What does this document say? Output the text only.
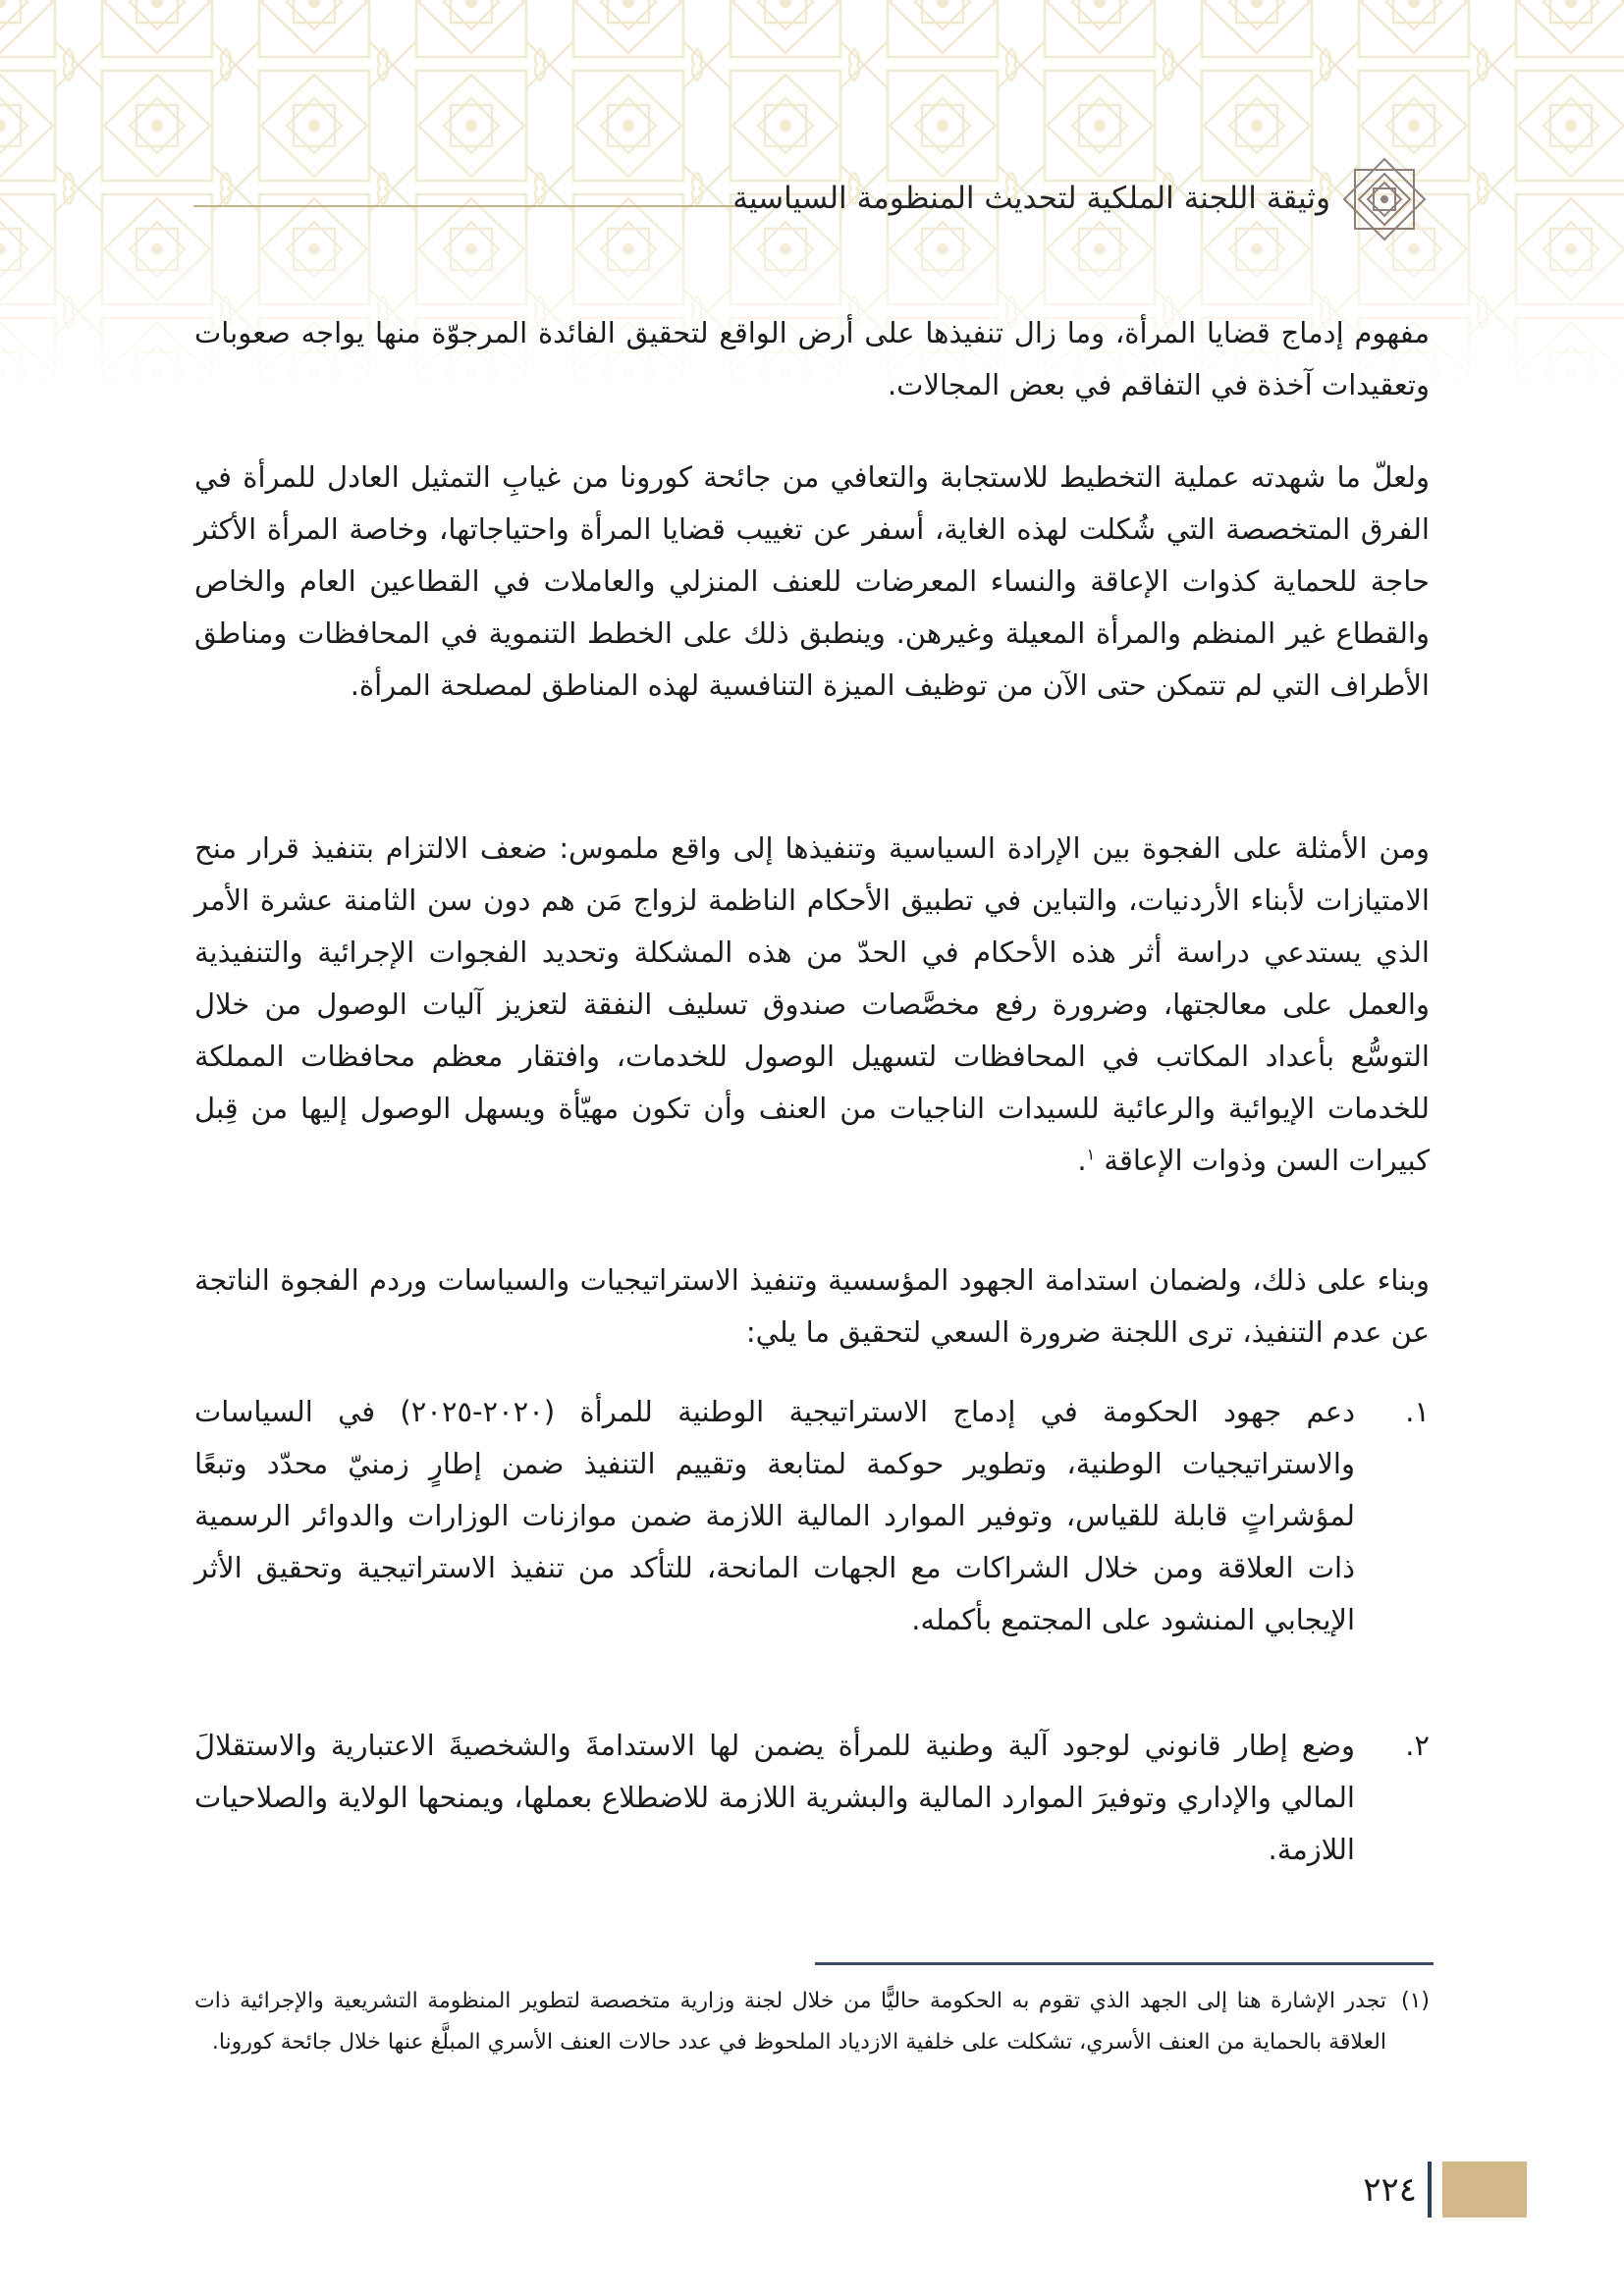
وثيقة اللجنة الملكية لتحديث المنظومة السياسية

مفهوم إدماج قضايا المرأة، وما زال تنفيذها على أرض الواقع لتحقيق الفائدة المرجوّة منها يواجه صعوبات وتعقيدات آخذة في التفاقم في بعض المجالات.

ولعلّ ما شهدته عملية التخطيط للاستجابة والتعافي من جائحة كورونا من غيابِ التمثيل العادل للمرأة في الفرق المتخصصة التي شُكلت لهذه الغاية، أسفر عن تغييب قضايا المرأة واحتياجاتها، وخاصة المرأة الأكثر حاجة للحماية كذوات الإعاقة والنساء المعرضات للعنف المنزلي والعاملات في القطاعين العام والخاص والقطاع غير المنظم والمرأة المعيلة وغيرهن. وينطبق ذلك على الخطط التنموية في المحافظات ومناطق الأطراف التي لم تتمكن حتى الآن من توظيف الميزة التنافسية لهذه المناطق لمصلحة المرأة.

ومن الأمثلة على الفجوة بين الإرادة السياسية وتنفيذها إلى واقع ملموس: ضعف الالتزام بتنفيذ قرار منح الامتيازات لأبناء الأردنيات، والتباين في تطبيق الأحكام الناظمة لزواج مَن هم دون سن الثامنة عشرة الأمر الذي يستدعي دراسة أثر هذه الأحكام في الحدّ من هذه المشكلة وتحديد الفجوات الإجرائية والتنفيذية والعمل على معالجتها، وضرورة رفع مخصَّصات صندوق تسليف النفقة لتعزيز آليات الوصول من خلال التوسُّع بأعداد المكاتب في المحافظات لتسهيل الوصول للخدمات، وافتقار معظم محافظات المملكة للخدمات الإيوائية والرعائية للسيدات الناجيات من العنف وأن تكون مهيّأة ويسهل الوصول إليها من قِبل كبيرات السن وذوات الإعاقة $^١$.

وبناء على ذلك، ولضمان استدامة الجهود المؤسسية وتنفيذ الاستراتيجيات والسياسات وردم الفجوة الناتجة عن عدم التنفيذ، ترى اللجنة ضرورة السعي لتحقيق ما يلي:

١.
دعم جهود الحكومة في إدماج الاستراتيجية الوطنية للمرأة (٢٠٢٠-٢٠٢٥) في السياسات والاستراتيجيات الوطنية، وتطوير حوكمة لمتابعة وتقييم التنفيذ ضمن إطارٍ زمنيّ محدّد وتبعًا لمؤشراتٍ قابلة للقياس، وتوفير الموارد المالية اللازمة ضمن موازنات الوزارات والدوائر الرسمية ذات العلاقة ومن خلال الشراكات مع الجهات المانحة، للتأكد من تنفيذ الاستراتيجية وتحقيق الأثر الإيجابي المنشود على المجتمع بأكمله.
٢.
وضع إطار قانوني لوجود آلية وطنية للمرأة يضمن لها الاستدامةَ والشخصيةَ الاعتبارية والاستقلالَ المالي والإداري وتوفيرَ الموارد المالية والبشرية اللازمة للاضطلاع بعملها، ويمنحها الولاية والصلاحيات اللازمة.
(١)
تجدر الإشارة هنا إلى الجهد الذي تقوم به الحكومة حاليًّا من خلال لجنة وزارية متخصصة لتطوير المنظومة التشريعية والإجرائية ذات العلاقة بالحماية من العنف الأسري، تشكلت على خلفية الازدياد الملحوظ في عدد حالات العنف الأسري المبلَّغ عنها خلال جائحة كورونا.
٢٢٤
